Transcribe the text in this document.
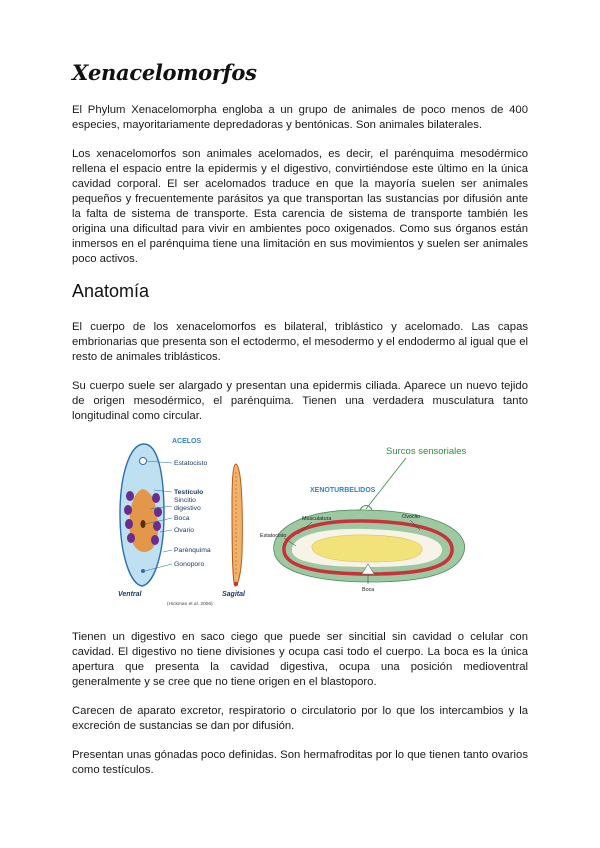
Xenacelomorfos

El Phylum Xenacelomorpha engloba a un grupo de animales de poco menos de 400 especies, mayoritariamente depredadoras y bentónicas. Son animales bilaterales.

Los xenacelomorfos son animales acelomados, es decir, el parénquima mesodérmico rellena el espacio entre la epidermis y el digestivo, convirtiéndose este último en la única cavidad corporal. El ser acelomados traduce en que la mayoría suelen ser animales pequeños y frecuentemente parásitos ya que transportan las sustancias por difusión ante la falta de sistema de transporte. Esta carencia de sistema de transporte también les origina una dificultad para vivir en ambientes poco oxigenados. Como sus órganos están inmersos en el parénquima tiene una limitación en sus movimientos y suelen ser animales poco activos.

Anatomía

El cuerpo de los xenacelomorfos es bilateral, triblástico y acelomado. Las capas embrionarias que presenta son el ectodermo, el mesodermo y el endodermo al igual que el resto de animales triblásticos.

Su cuerpo suele ser alargado y presentan una epidermis ciliada. Aparece un nuevo tejido de origen mesodérmico, el parénquima. Tienen una verdadera musculatura tanto longitudinal como circular.

ACELOS
Estatocisto
Testículo
Sincitio
digestivo
Boca
Ovario
Parénquima
Gonoporo
Ventral	Sagital
(Hickman et al. 2006)
XENOTURBELIDOS
Surcos sensoriales
Musculatura	Ovocito
Estatocisto
Boca

Tienen un digestivo en saco ciego que puede ser sincitial sin cavidad o celular con cavidad. El digestivo no tiene divisiones y ocupa casi todo el cuerpo. La boca es la única apertura que presenta la cavidad digestiva, ocupa una posición medioventral generalmente y se cree que no tiene origen en el blastoporo.

Carecen de aparato excretor, respiratorio o circulatorio por lo que los intercambios y la excreción de sustancias se dan por difusión.

Presentan unas gónadas poco definidas. Son hermafroditas por lo que tienen tanto ovarios como testículos.
